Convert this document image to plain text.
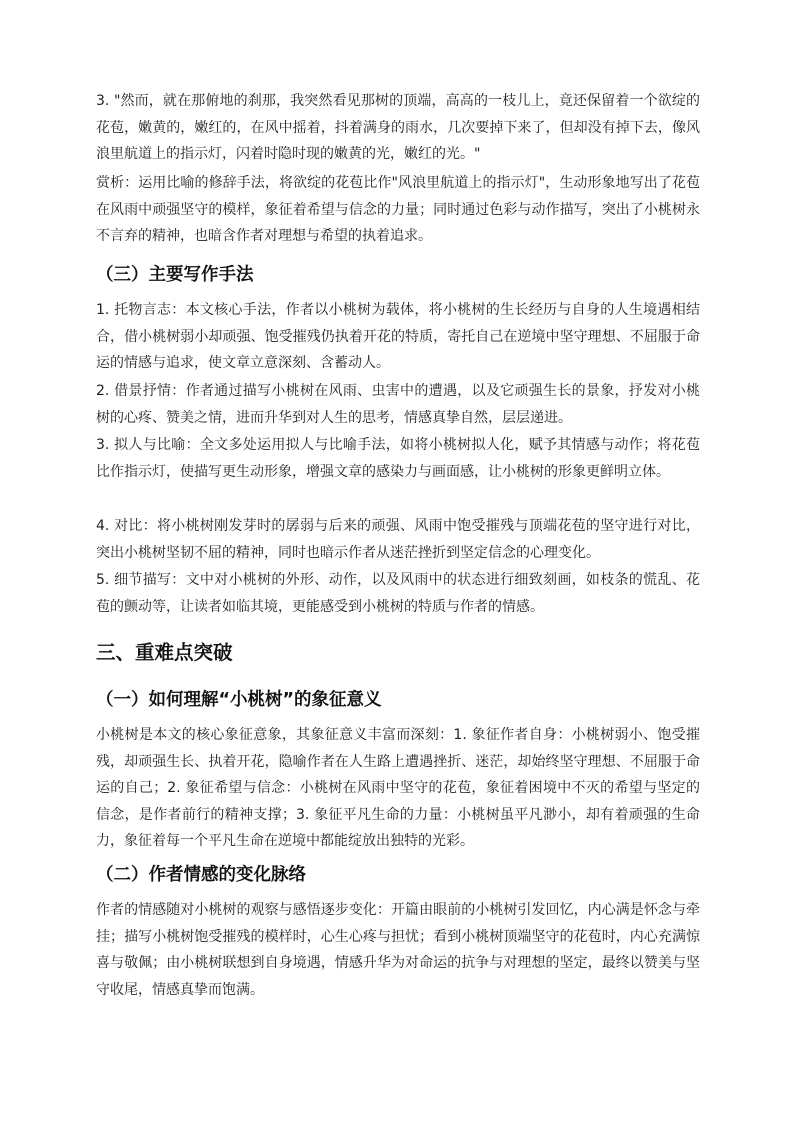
3. "然而，就在那俯地的刹那，我突然看见那树的顶端，高高的一枝儿上，竟还保留着一个欲绽的花苞，嫩黄的，嫩红的，在风中摇着，抖着满身的雨水，几次要掉下来了，但却没有掉下去，像风浪里航道上的指示灯，闪着时隐时现的嫩黄的光，嫩红的光。"

赏析：运用比喻的修辞手法，将欲绽的花苞比作"风浪里航道上的指示灯"，生动形象地写出了花苞在风雨中顽强坚守的模样，象征着希望与信念的力量；同时通过色彩与动作描写，突出了小桃树永不言弃的精神，也暗含作者对理想与希望的执着追求。

（三）主要写作手法

1. 托物言志：本文核心手法，作者以小桃树为载体，将小桃树的生长经历与自身的人生境遇相结合，借小桃树弱小却顽强、饱受摧残仍执着开花的特质，寄托自己在逆境中坚守理想、不屈服于命运的情感与追求，使文章立意深刻、含蓄动人。

2. 借景抒情：作者通过描写小桃树在风雨、虫害中的遭遇，以及它顽强生长的景象，抒发对小桃树的心疼、赞美之情，进而升华到对人生的思考，情感真挚自然，层层递进。

3. 拟人与比喻：全文多处运用拟人与比喻手法，如将小桃树拟人化，赋予其情感与动作；将花苞比作指示灯，使描写更生动形象，增强文章的感染力与画面感，让小桃树的形象更鲜明立体。

4. 对比：将小桃树刚发芽时的孱弱与后来的顽强、风雨中饱受摧残与顶端花苞的坚守进行对比，突出小桃树坚韧不屈的精神，同时也暗示作者从迷茫挫折到坚定信念的心理变化。

5. 细节描写：文中对小桃树的外形、动作，以及风雨中的状态进行细致刻画，如枝条的慌乱、花苞的颤动等，让读者如临其境，更能感受到小桃树的特质与作者的情感。

三、重难点突破
（一）如何理解“小桃树”的象征意义

小桃树是本文的核心象征意象，其象征意义丰富而深刻：1. 象征作者自身：小桃树弱小、饱受摧残，却顽强生长、执着开花，隐喻作者在人生路上遭遇挫折、迷茫，却始终坚守理想、不屈服于命运的自己；2. 象征希望与信念：小桃树在风雨中坚守的花苞，象征着困境中不灭的希望与坚定的信念，是作者前行的精神支撑；3. 象征平凡生命的力量：小桃树虽平凡渺小，却有着顽强的生命力，象征着每一个平凡生命在逆境中都能绽放出独特的光彩。

（二）作者情感的变化脉络

作者的情感随对小桃树的观察与感悟逐步变化：开篇由眼前的小桃树引发回忆，内心满是怀念与牵挂；描写小桃树饱受摧残的模样时，心生心疼与担忧；看到小桃树顶端坚守的花苞时，内心充满惊喜与敬佩；由小桃树联想到自身境遇，情感升华为对命运的抗争与对理想的坚定，最终以赞美与坚守收尾，情感真挚而饱满。
